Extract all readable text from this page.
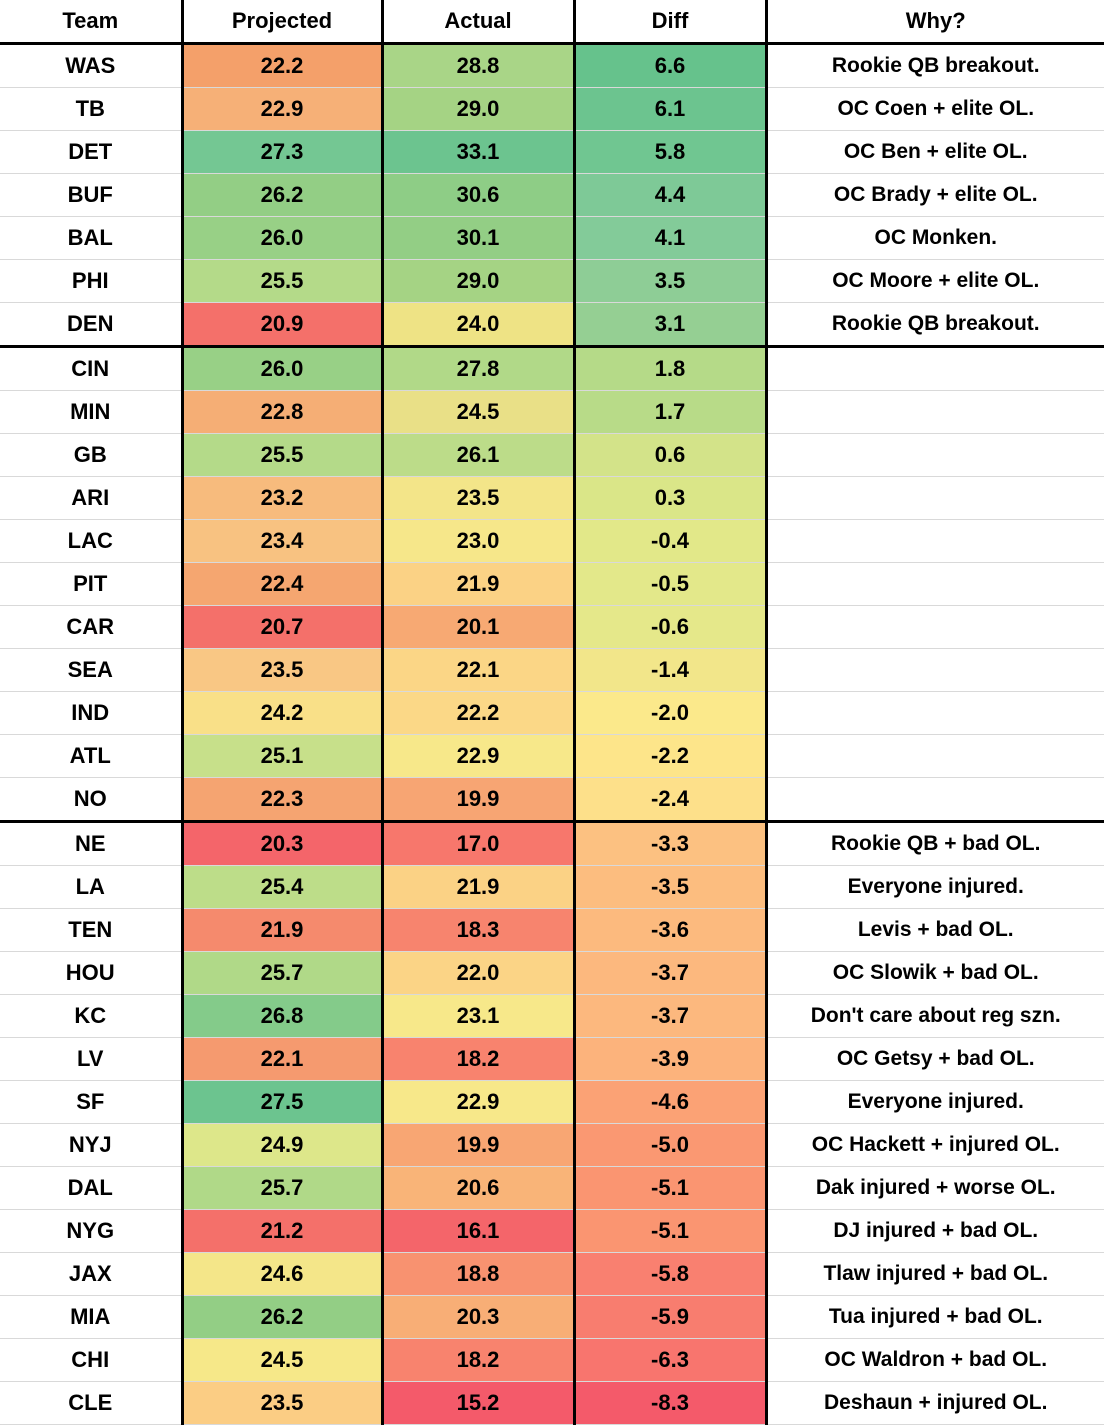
Team	Projected	Actual	Diff	Why?
WAS	22.2	28.8	6.6	Rookie QB breakout.
TB	22.9	29.0	6.1	OC Coen + elite OL.
DET	27.3	33.1	5.8	OC Ben + elite OL.
BUF	26.2	30.6	4.4	OC Brady + elite OL.
BAL	26.0	30.1	4.1	OC Monken.
PHI	25.5	29.0	3.5	OC Moore + elite OL.
DEN	20.9	24.0	3.1	Rookie QB breakout.
CIN	26.0	27.8	1.8	
MIN	22.8	24.5	1.7	
GB	25.5	26.1	0.6	
ARI	23.2	23.5	0.3	
LAC	23.4	23.0	-0.4	
PIT	22.4	21.9	-0.5	
CAR	20.7	20.1	-0.6	
SEA	23.5	22.1	-1.4	
IND	24.2	22.2	-2.0	
ATL	25.1	22.9	-2.2	
NO	22.3	19.9	-2.4	
NE	20.3	17.0	-3.3	Rookie QB + bad OL.
LA	25.4	21.9	-3.5	Everyone injured.
TEN	21.9	18.3	-3.6	Levis + bad OL.
HOU	25.7	22.0	-3.7	OC Slowik + bad OL.
KC	26.8	23.1	-3.7	Don't care about reg szn.
LV	22.1	18.2	-3.9	OC Getsy + bad OL.
SF	27.5	22.9	-4.6	Everyone injured.
NYJ	24.9	19.9	-5.0	OC Hackett + injured OL.
DAL	25.7	20.6	-5.1	Dak injured + worse OL.
NYG	21.2	16.1	-5.1	DJ injured + bad OL.
JAX	24.6	18.8	-5.8	Tlaw injured + bad OL.
MIA	26.2	20.3	-5.9	Tua injured + bad OL.
CHI	24.5	18.2	-6.3	OC Waldron + bad OL.
CLE	23.5	15.2	-8.3	Deshaun + injured OL.
